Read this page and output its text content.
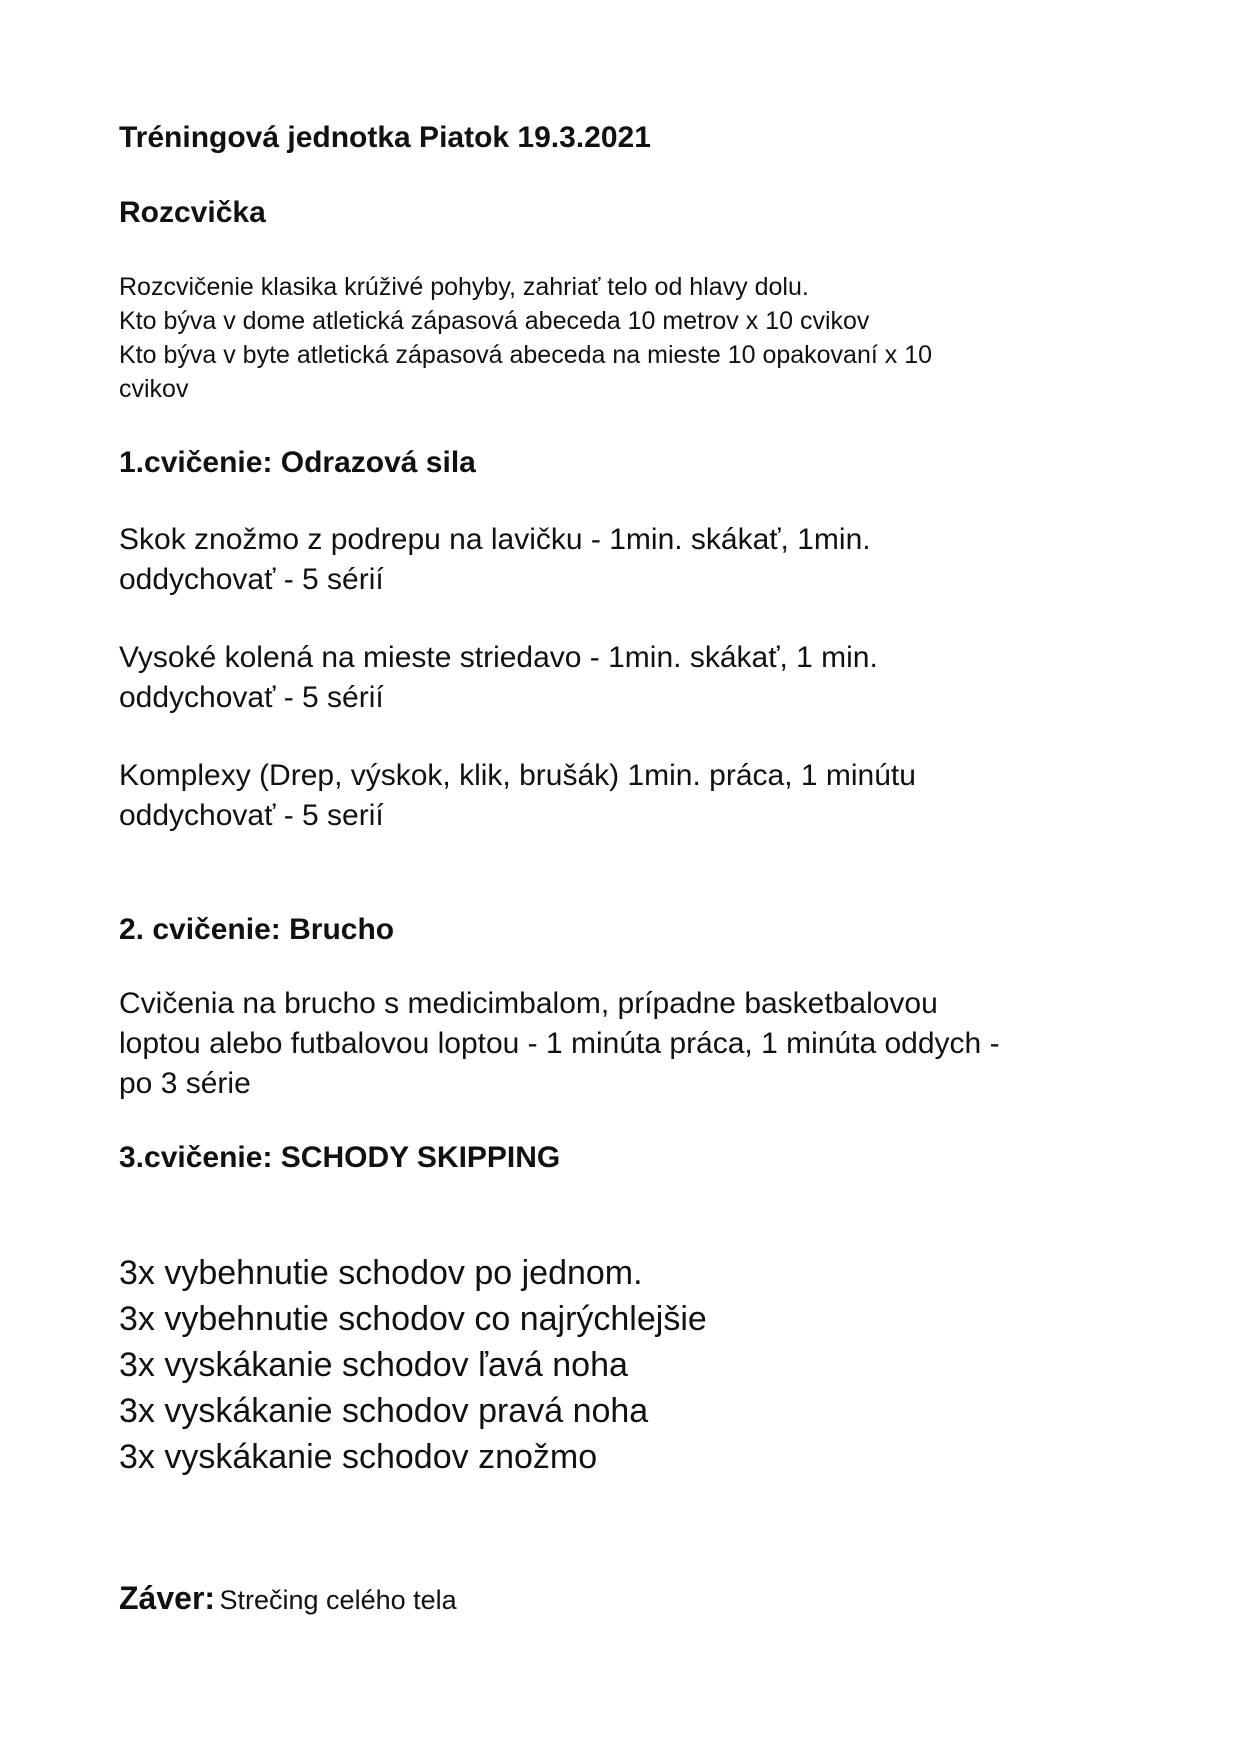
Tréningová jednotka Piatok 19.3.2021
Rozcvička
Rozcvičenie klasika krúživé pohyby, zahriať telo od hlavy dolu.
Kto býva v dome atletická zápasová abeceda 10 metrov x 10 cvikov
Kto býva v byte atletická zápasová abeceda na mieste 10 opakovaní x 10
cvikov
1.cvičenie: Odrazová sila
Skok znožmo z podrepu na lavičku - 1min. skákať, 1min.
oddychovať - 5 sérií
Vysoké kolená na mieste striedavo - 1min. skákať, 1 min.
oddychovať - 5 sérií
Komplexy (Drep, výskok, klik, brušák) 1min. práca, 1 minútu
oddychovať - 5 serií
2. cvičenie: Brucho
Cvičenia na brucho s medicimbalom, prípadne basketbalovou
loptou alebo futbalovou loptou - 1 minúta práca, 1 minúta oddych -
po 3 série
3.cvičenie: SCHODY SKIPPING
3x vybehnutie schodov po jednom.
3x vybehnutie schodov co najrýchlejšie
3x vyskákanie schodov ľavá noha
3x vyskákanie schodov pravá noha
3x vyskákanie schodov znožmo
Záver: Strečing celého tela
